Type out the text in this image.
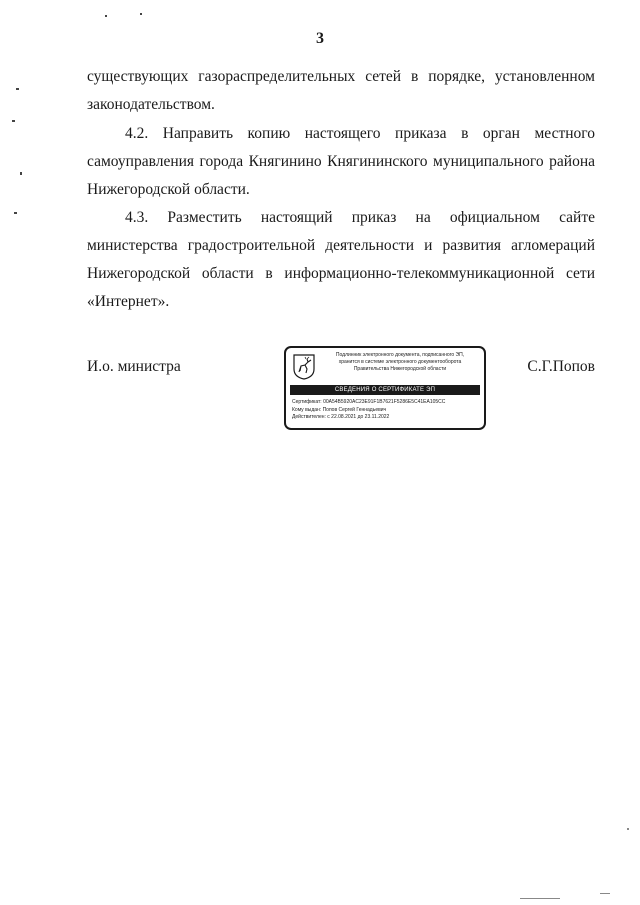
3

существующих газораспределительных сетей в порядке, установленном законодательством.

4.2. Направить копию настоящего приказа в орган местного самоуправления города Княгинино Княгининского муниципального района Нижегородской области.

4.3. Разместить настоящий приказ на официальном сайте министерства градостроительной деятельности и развития агломераций Нижегородской области в информационно-телекоммуникационной сети «Интернет».

И.о. министра
Подлинник электронного документа, подписанного ЭП,
хранится в системе электронного документооборота
Правительства Нижегородской области
СВЕДЕНИЯ О СЕРТИФИКАТЕ ЭП
Сертификат: 00A54B5920AC23E91F1B7621F5286E5C41EA105CC
Кому выдан: Попов Сергей Геннадьевич
Действителен: с 22.08.2021 до 23.11.2022
С.Г.Попов
